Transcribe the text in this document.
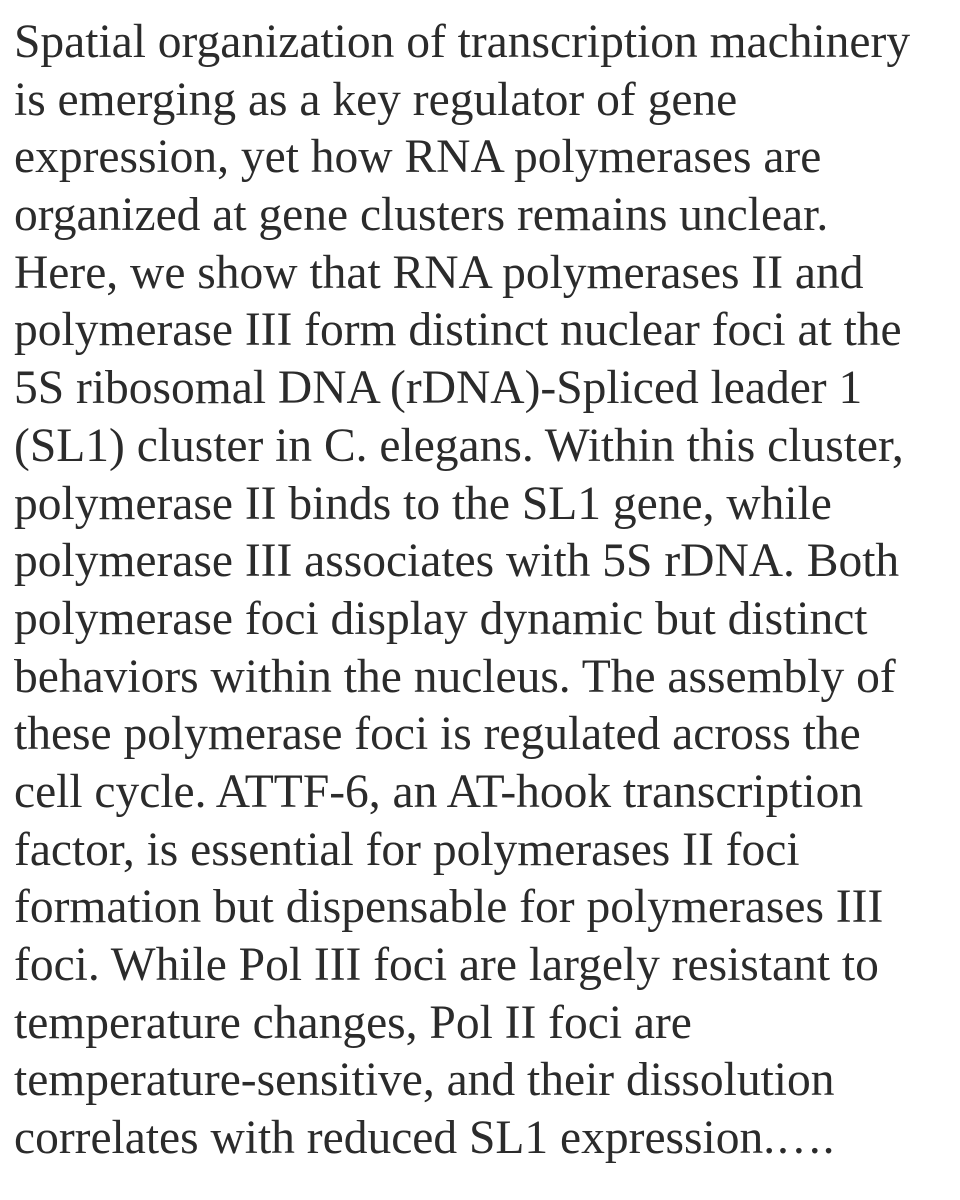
Spatial organization of transcription machinery
is emerging as a key regulator of gene
expression, yet how RNA polymerases are
organized at gene clusters remains unclear.
Here, we show that RNA polymerases II and
polymerase III form distinct nuclear foci at the
5S ribosomal DNA (rDNA)-Spliced leader 1
(SL1) cluster in C. elegans. Within this cluster,
polymerase II binds to the SL1 gene, while
polymerase III associates with 5S rDNA. Both
polymerase foci display dynamic but distinct
behaviors within the nucleus. The assembly of
these polymerase foci is regulated across the
cell cycle. ATTF-6, an AT-hook transcription
factor, is essential for polymerases II foci
formation but dispensable for polymerases III
foci. While Pol III foci are largely resistant to
temperature changes, Pol II foci are
temperature-sensitive, and their dissolution
correlates with reduced SL1 expression.….
